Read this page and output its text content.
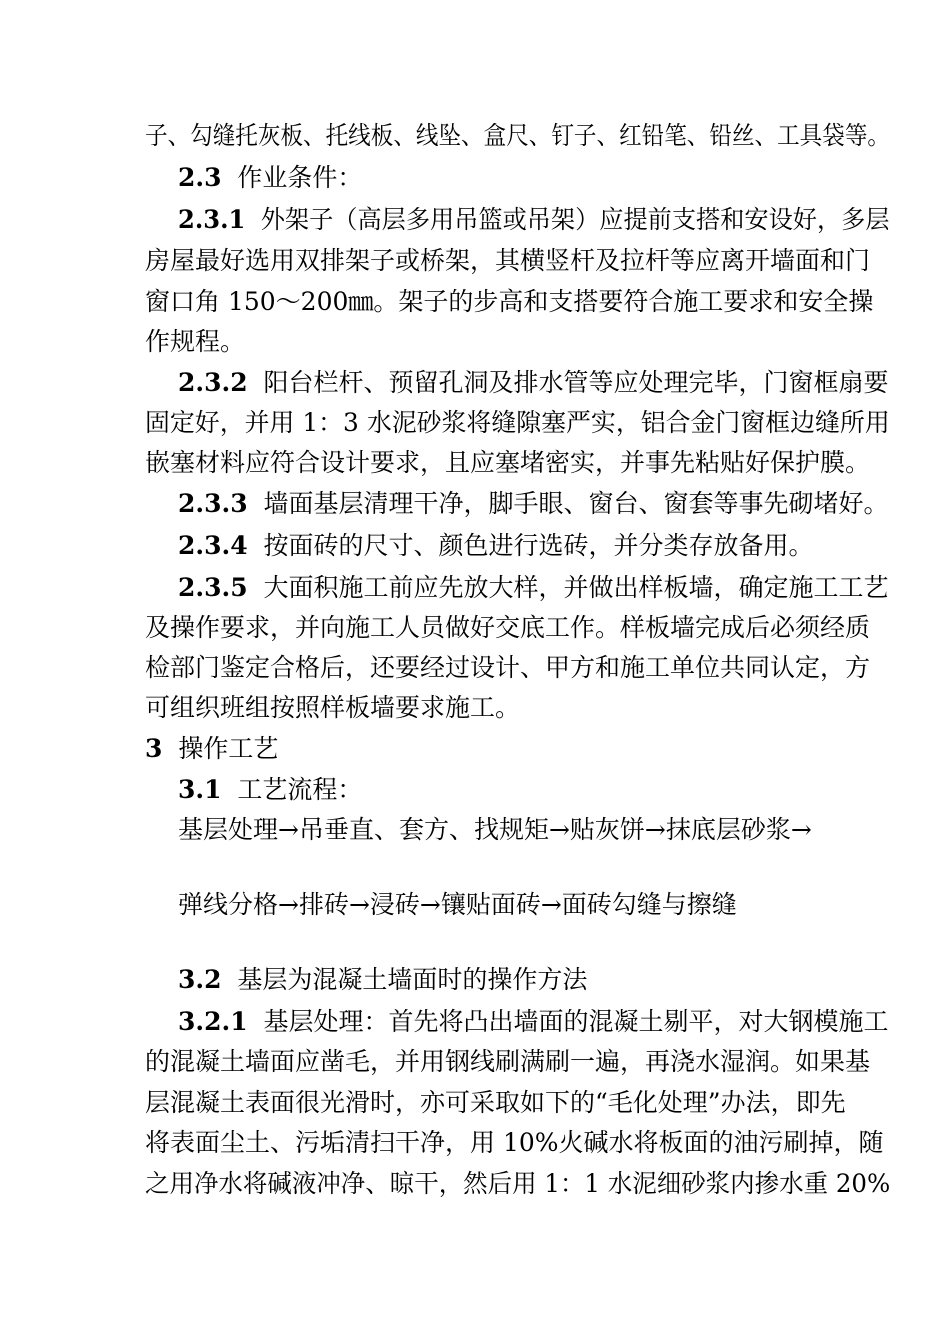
子、勾缝托灰板、托线板、线坠、盒尺、钉子、红铅笔、铅丝、工具袋等。
2.3 作业条件：
2.3.1 外架子（高层多用吊篮或吊架）应提前支搭和安设好，多层
房屋最好选用双排架子或桥架，其横竖杆及拉杆等应离开墙面和门
窗口角 150～200㎜。架子的步高和支搭要符合施工要求和安全操
作规程。
2.3.2 阳台栏杆、预留孔洞及排水管等应处理完毕，门窗框扇要
固定好，并用 1：3 水泥砂浆将缝隙塞严实，铝合金门窗框边缝所用
嵌塞材料应符合设计要求，且应塞堵密实，并事先粘贴好保护膜。
2.3.3 墙面基层清理干净，脚手眼、窗台、窗套等事先砌堵好。
2.3.4 按面砖的尺寸、颜色进行选砖，并分类存放备用。
2.3.5 大面积施工前应先放大样，并做出样板墙，确定施工工艺
及操作要求，并向施工人员做好交底工作。样板墙完成后必须经质
检部门鉴定合格后，还要经过设计、甲方和施工单位共同认定，方
可组织班组按照样板墙要求施工。
3 操作工艺
3.1 工艺流程：
基层处理→吊垂直、套方、找规矩→贴灰饼→抹底层砂浆→
弹线分格→排砖→浸砖→镶贴面砖→面砖勾缝与擦缝
3.2 基层为混凝土墙面时的操作方法
3.2.1 基层处理：首先将凸出墙面的混凝土剔平，对大钢模施工
的混凝土墙面应凿毛，并用钢线刷满刷一遍，再浇水湿润。如果基
层混凝土表面很光滑时，亦可采取如下的“毛化处理”办法，即先
将表面尘土、污垢清扫干净，用 10%火碱水将板面的油污刷掉，随
之用净水将碱液冲净、晾干，然后用 1：1 水泥细砂浆内掺水重 20%
